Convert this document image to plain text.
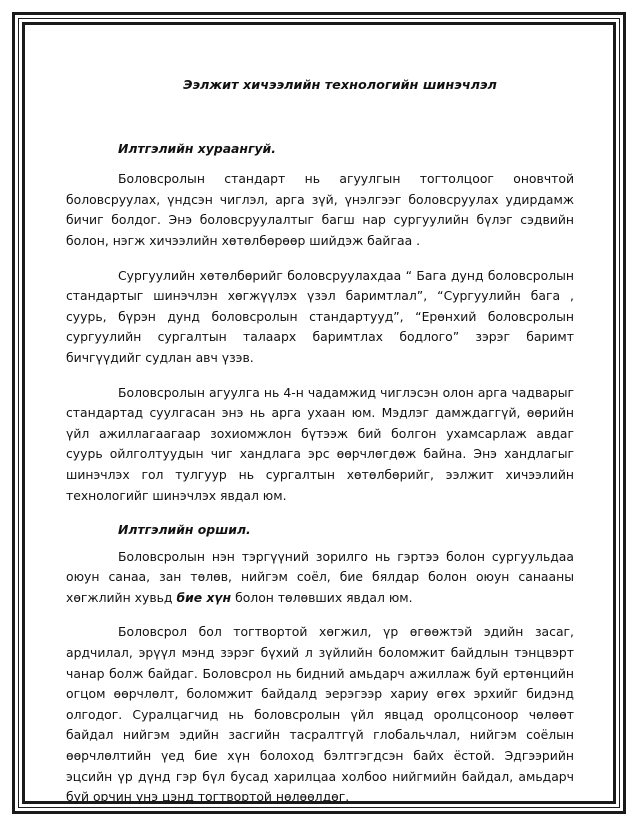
Ээлжит хичээлийн технологийн шинэчлэл
Илтгэлийн хураангуй.

Боловсролын стандарт нь агуулгын тогтолцоог оновчтой боловсруулах, үндсэн чиглэл, арга зүй, үнэлгээг боловсруулах удирдамж бичиг болдог. Энэ боловсруулалтыг багш нар сургуулийн бүлэг сэдвийн болон, нэгж хичээлийн хөтөлбөрөөр шийдэж байгаа .

Сургуулийн хөтөлбөрийг боловсруулахдаа “ Бага дунд боловсролын стандартыг шинэчлэн хөгжүүлэх үзэл баримтлал”, “Сургуулийн бага , суурь, бүрэн дунд боловсролын стандартууд”, “Ерөнхий боловсролын сургуулийн сургалтын талаарх баримтлах бодлого” зэрэг баримт бичгүүдийг судлан авч үзэв.

Боловсролын агуулга нь 4-н чадамжид чиглэсэн олон арга чадварыг стандартад суулгасан энэ нь арга ухаан юм. Мэдлэг дамждаггүй, өөрийн үйл ажиллагаагаар зохиомжлон бүтээж бий болгон ухамсарлаж авдаг суурь ойлголтуудын чиг хандлага эрс өөрчлөгдөж байна. Энэ хандлагыг шинэчлэх гол тулгуур нь сургалтын хөтөлбөрийг, ээлжит хичээлийн технологийг шинэчлэх явдал юм.

Илтгэлийн оршил.

Боловсролын нэн тэргүүний зорилго нь гэртээ болон сургуульдаа оюун санаа, зан төлөв, нийгэм соёл, бие бялдар болон оюун санааны хөгжлийн хувьд бие хүн болон төлөвших явдал юм.

Боловсрол бол тогтвортой хөгжил, үр өгөөжтэй эдийн засаг, ардчилал, эрүүл мэнд зэрэг бүхий л зүйлийн боломжит байдлын тэнцвэрт чанар болж байдаг. Боловсрол нь бидний амьдарч ажиллаж буй ертөнцийн огцом өөрчлөлт, боломжит байдалд эерэгээр хариу өгөх эрхийг бидэнд олгодог. Суралцагчид нь боловсролын үйл явцад оролцсоноор чөлөөт байдал нийгэм эдийн засгийн тасралтгүй глобальчлал, нийгэм соёлын өөрчлөлтийн үед бие хүн болоход бэлтгэгдсэн байх ёстой. Эдгээрийн эцсийн үр дүнд гэр бүл бусад харилцаа холбоо нийгмийн байдал, амьдарч буй орчин үнэ цэнд тогтвортой нөлөөлдөг.
